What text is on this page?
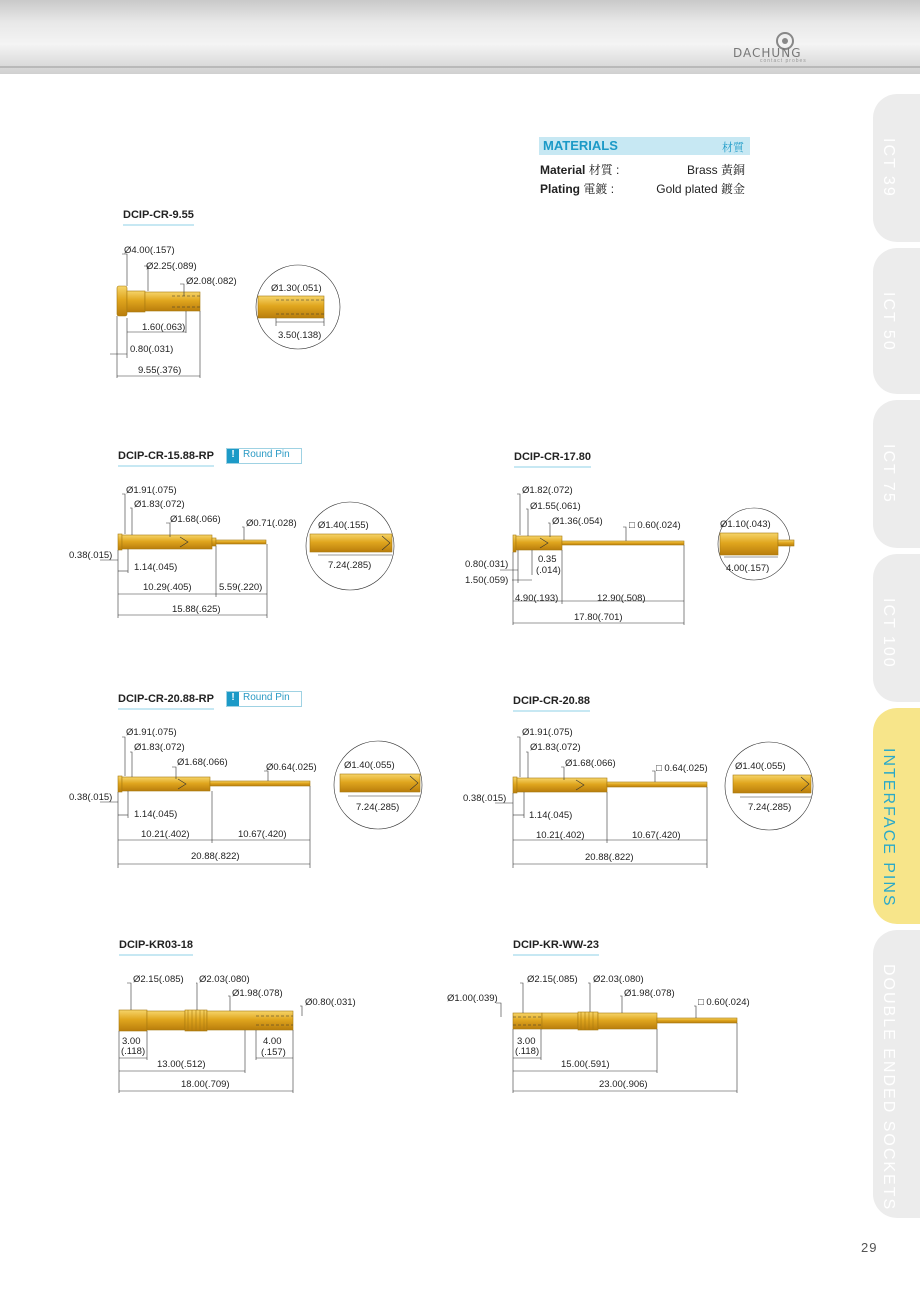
DACHUNG
contact probes
ICT 39
ICT 50
ICT 75
ICT 100
INTERFACE PINS
DOUBLE ENDED SOCKETS
MATERIALS	材質
Material 材質 :	Brass 黃銅
Plating 電鍍 :	Gold plated 鍍金
DCIP-CR-9.55
DCIP-CR-15.88-RP	! Round Pin	DCIP-CR-17.80
DCIP-CR-20.88-RP	! Round Pin	DCIP-CR-20.88
DCIP-KR03-18	DCIP-KR-WW-23
Ø4.00(.157)
Ø2.25(.089)
Ø2.08(.082)
1.60(.063)
0.80(.031)
9.55(.376)
Ø1.30(.051)
3.50(.138)
Ø1.91(.075)
Ø1.83(.072)
Ø1.68(.066)	Ø0.71(.028)
0.38(.015)
1.14(.045)
10.29(.405)	5.59(.220)
15.88(.625)
Ø1.40(.155)
7.24(.285)
Ø1.82(.072)
Ø1.55(.061)
Ø1.36(.054)	□ 0.60(.024)
0.80(.031)	0.35
(.014)
1.50(.059)
4.90(.193)	12.90(.508)
17.80(.701)
Ø1.10(.043)
4.00(.157)
Ø1.91(.075)
Ø1.83(.072)
Ø1.68(.066)	Ø0.64(.025)
0.38(.015)
1.14(.045)
10.21(.402)	10.67(.420)
20.88(.822)
Ø1.40(.055)
7.24(.285)
Ø1.91(.075)
Ø1.83(.072)
Ø1.68(.066)	□ 0.64(.025)
0.38(.015)
1.14(.045)
10.21(.402)	10.67(.420)
20.88(.822)
Ø1.40(.055)
7.24(.285)
Ø2.15(.085) Ø2.03(.080)
Ø1.98(.078)
Ø0.80(.031)
3.00
(.118)
4.00
(.157)
13.00(.512)
18.00(.709)
Ø2.15(.085) Ø2.03(.080)
Ø1.98(.078)
□ 0.60(.024)
Ø1.00(.039)
3.00
(.118)
15.00(.591)
23.00(.906)
29
